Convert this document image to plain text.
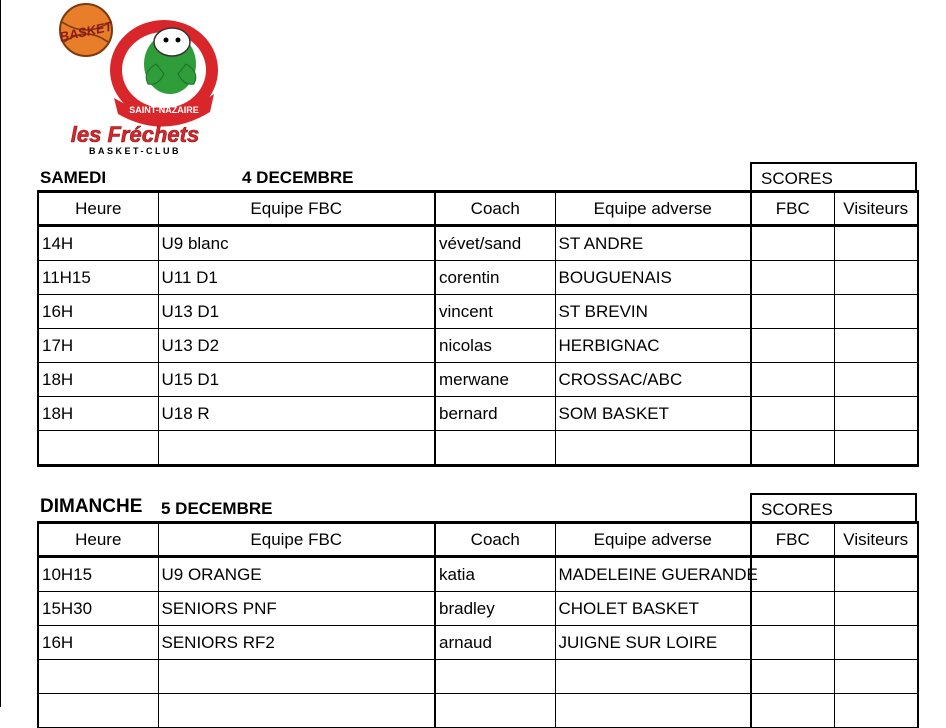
SAINT-NAZAIRE
BASKET
les Fréchets
BASKET-CLUB
SAMEDI	4 DECEMBRE	SCORES
Heure	Equipe FBC	Coach	Equipe adverse	FBC	Visiteurs
14H	U9 blanc	vévet/sand	ST ANDRE		
11H15	U11 D1	corentin	BOUGUENAIS		
16H	U13 D1	vincent	ST BREVIN		
17H	U13 D2	nicolas	HERBIGNAC		
18H	U15 D1	merwane	CROSSAC/ABC		
18H	U18 R	bernard	SOM BASKET		

DIMANCHE 5 DECEMBRE	SCORES
Heure	Equipe FBC	Coach	Equipe adverse	FBC	Visiteurs
10H15	U9 ORANGE	katia	MADELEINE GUERANDE		
15H30	SENIORS PNF	bradley	CHOLET BASKET		
16H	SENIORS RF2	arnaud	JUIGNE SUR LOIRE		
